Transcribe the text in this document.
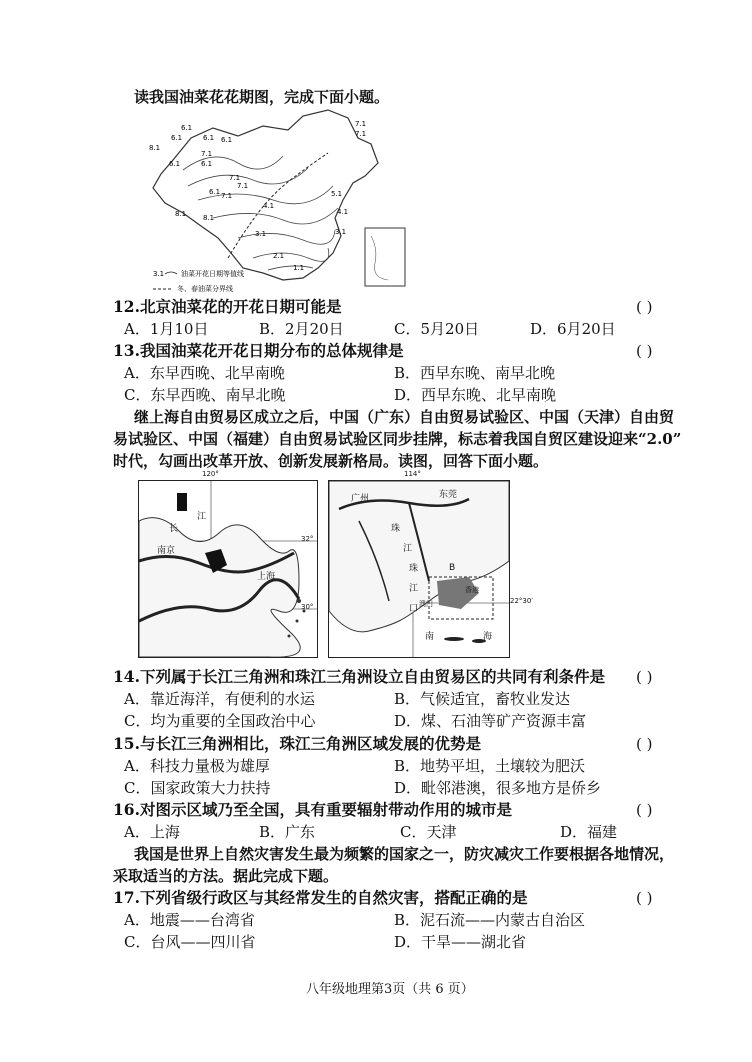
读我国油菜花花期图，完成下面小题。
6.1
6.1	6.1 6.1
7.1
7.1
8.1
7.1
6.1	6.1
7.1
5.1
4.1
7.1
4.1
3.1
8.1 8.1
3.1
2.1
1.1
7.1
6.1
3.1 油菜开花日期等值线
冬、春油菜分界线
12.北京油菜花的开花日期可能是	( )
A．1月10日	B．2月20日	C．5月20日	D．6月20日
13.我国油菜花开花日期分布的总体规律是	( )
A．东早西晚、北早南晚	B．西早东晚、南早北晚
C．东早西晚、南早北晚	D．西早东晚、北早南晚
继上海自由贸易区成立之后，中国（广东）自由贸易试验区、中国（天津）自由贸
易试验区、中国（福建）自由贸易试验区同步挂牌，标志着我国自贸区建设迎来“2.0”
时代，勾画出改革开放、创新发展新格局。读图，回答下面小题。
长
江
南京
上海
32°
30°
120°
广州	东莞
珠
江
珠
江
口
B
香港
澳门
南	海
114°
22°30′
14.下列属于长江三角洲和珠江三角洲设立自由贸易区的共同有利条件是 ( )
A．靠近海洋，有便利的水运	B．气候适宜，畜牧业发达
C．均为重要的全国政治中心	D．煤、石油等矿产资源丰富
15.与长江三角洲相比，珠江三角洲区域发展的优势是	( )
A．科技力量极为雄厚	B．地势平坦，土壤较为肥沃
C．国家政策大力扶持	D．毗邻港澳，很多地方是侨乡
16.对图示区域乃至全国，具有重要辐射带动作用的城市是	( )
A．上海	B．广东	C．天津	D．福建
我国是世界上自然灾害发生最为频繁的国家之一，防灾减灾工作要根据各地情况，
采取适当的方法。据此完成下题。
17.下列省级行政区与其经常发生的自然灾害，搭配正确的是	( )
A．地震——台湾省	B．泥石流——内蒙古自治区
C．台风——四川省	D．干旱——湖北省
八年级地理第3页（共 6 页）
